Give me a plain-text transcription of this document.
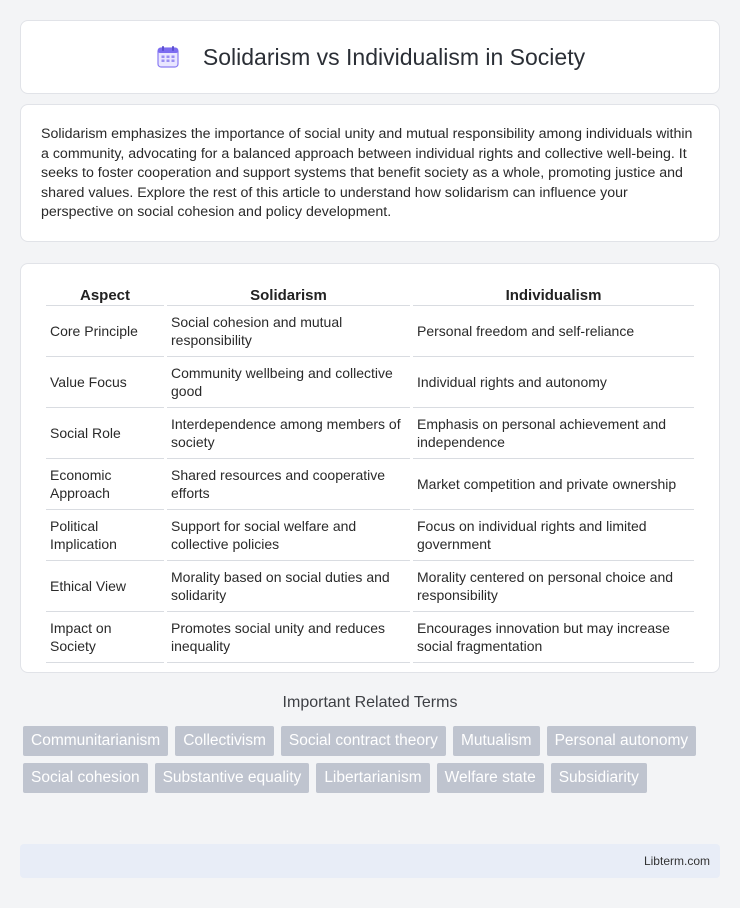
Solidarism vs Individualism in Society

Solidarism emphasizes the importance of social unity and mutual responsibility among individuals within a community, advocating for a balanced approach between individual rights and collective well-being. It seeks to foster cooperation and support systems that benefit society as a whole, promoting justice and shared values. Explore the rest of this article to understand how solidarism can influence your perspective on social cohesion and policy development.

Aspect	Solidarism	Individualism
Core Principle	Social cohesion and mutual responsibility	Personal freedom and self-reliance
Value Focus	Community wellbeing and collective good	Individual rights and autonomy
Social Role	Interdependence among members of society	Emphasis on personal achievement and independence
Economic Approach	Shared resources and cooperative efforts	Market competition and private ownership
Political Implication	Support for social welfare and collective policies	Focus on individual rights and limited government
Ethical View	Morality based on social duties and solidarity	Morality centered on personal choice and responsibility
Impact on Society	Promotes social unity and reduces inequality	Encourages innovation but may increase social fragmentation
Important Related Terms
Communitarianism	Collectivism	Social contract theory	Mutualism	Personal autonomy
Social cohesion	Substantive equality	Libertarianism	Welfare state	Subsidiarity
Libterm.com
